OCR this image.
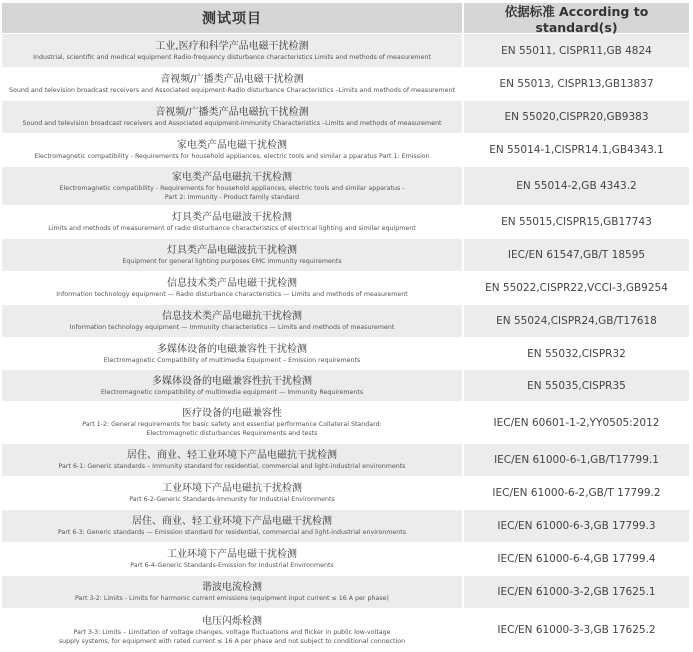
测试项目	依据标准 According to standard(s)
工业,医疗和科学产品电磁干扰检测
Industrial, scientific and medical equipment Radio-frequency disturbance characteristics Limits and methods of measurement
EN 55011, CISPR11,GB 4824
音视频/广播类产品电磁干扰检测
Sound and television broadcast receivers and Associated equipment-Radio disturbance Characteristics –Limits and methods of measurement
EN 55013, CISPR13,GB13837
音视频/广播类产品电磁抗干扰检测
Sound and television broadcast receivers and Associated equipment-Immunity Characteristics –Limits and methods of measurement
EN 55020,CISPR20,GB9383
家电类产品电磁干扰检测
Electromagnetic compatibility - Requirements for household appliances, electric tools and similar a pparatus Part 1: Emission
EN 55014-1,CISPR14.1,GB4343.1
家电类产品电磁抗干扰检测
Electromagnetic compatibility - Requirements for household appliances, electric tools and similar apparatus -
Part 2: Immunity - Product family standard
EN 55014-2,GB 4343.2
灯具类产品电磁波干扰检测
Limits and methods of measurement of radio disturbance characteristics of electrical lighting and similar equipment
EN 55015,CISPR15,GB17743
灯具类产品电磁波抗干扰检测
Equipment for general lighting purposes EMC immunity requirements
IEC/EN 61547,GB/T 18595
信息技术类产品电磁干扰检测
Information technology equipment — Radio disturbance characteristics — Limits and methods of measurement
EN 55022,CISPR22,VCCI-3,GB9254
信息技术类产品电磁抗干扰检测
Information technology equipment — Immunity characteristics — Limits and methods of measurement
EN 55024,CISPR24,GB/T17618
多媒体设备的电磁兼容性干扰检测
Electromagnetic Compatibility of multimedia Equipment – Emission requirements
EN 55032,CISPR32
多媒体设备的电磁兼容性抗干扰检测
Electromagnetic compatibility of multimedia equipment — Immunity Requirements
EN 55035,CISPR35
医疗设备的电磁兼容性
Part 1-2: General requirements for basic safety and essential performance Collateral Standard:
Electromagnetic disturbances Requirements and tests
IEC/EN 60601-1-2,YY0505:2012
居住、商业、轻工业环境下产品电磁抗干扰检测
Part 6-1: Generic standards – Immunity standard for residential, commercial and light-industrial environments
IEC/EN 61000-6-1,GB/T17799.1
工业环境下产品电磁抗干扰检测
Part 6-2-Generic Standards-Immunity for Industrial Environments
IEC/EN 61000-6-2,GB/T 17799.2
居住、商业、轻工业环境下产品电磁干扰检测
Part 6-3: Generic standards — Emission standard for residential, commercial and light-industrial environments
IEC/EN 61000-6-3,GB 17799.3
工业环境下产品电磁干扰检测
Part 6-4-Generic Standards-Emission for Industrial Environments
IEC/EN 61000-6-4,GB 17799.4
谐波电流检测
Part 3-2: Limits - Limits for harmonic current emissions (equipment input current ≤ 16 A per phase)
IEC/EN 61000-3-2,GB 17625.1
电压闪烁检测
Part 3-3: Limits – Limitation of voltage changes, voltage fluctuations and flicker in public low-voltage
supply systems, for equipment with rated current ≤ 16 A per phase and not subject to conditional connection
IEC/EN 61000-3-3,GB 17625.2
